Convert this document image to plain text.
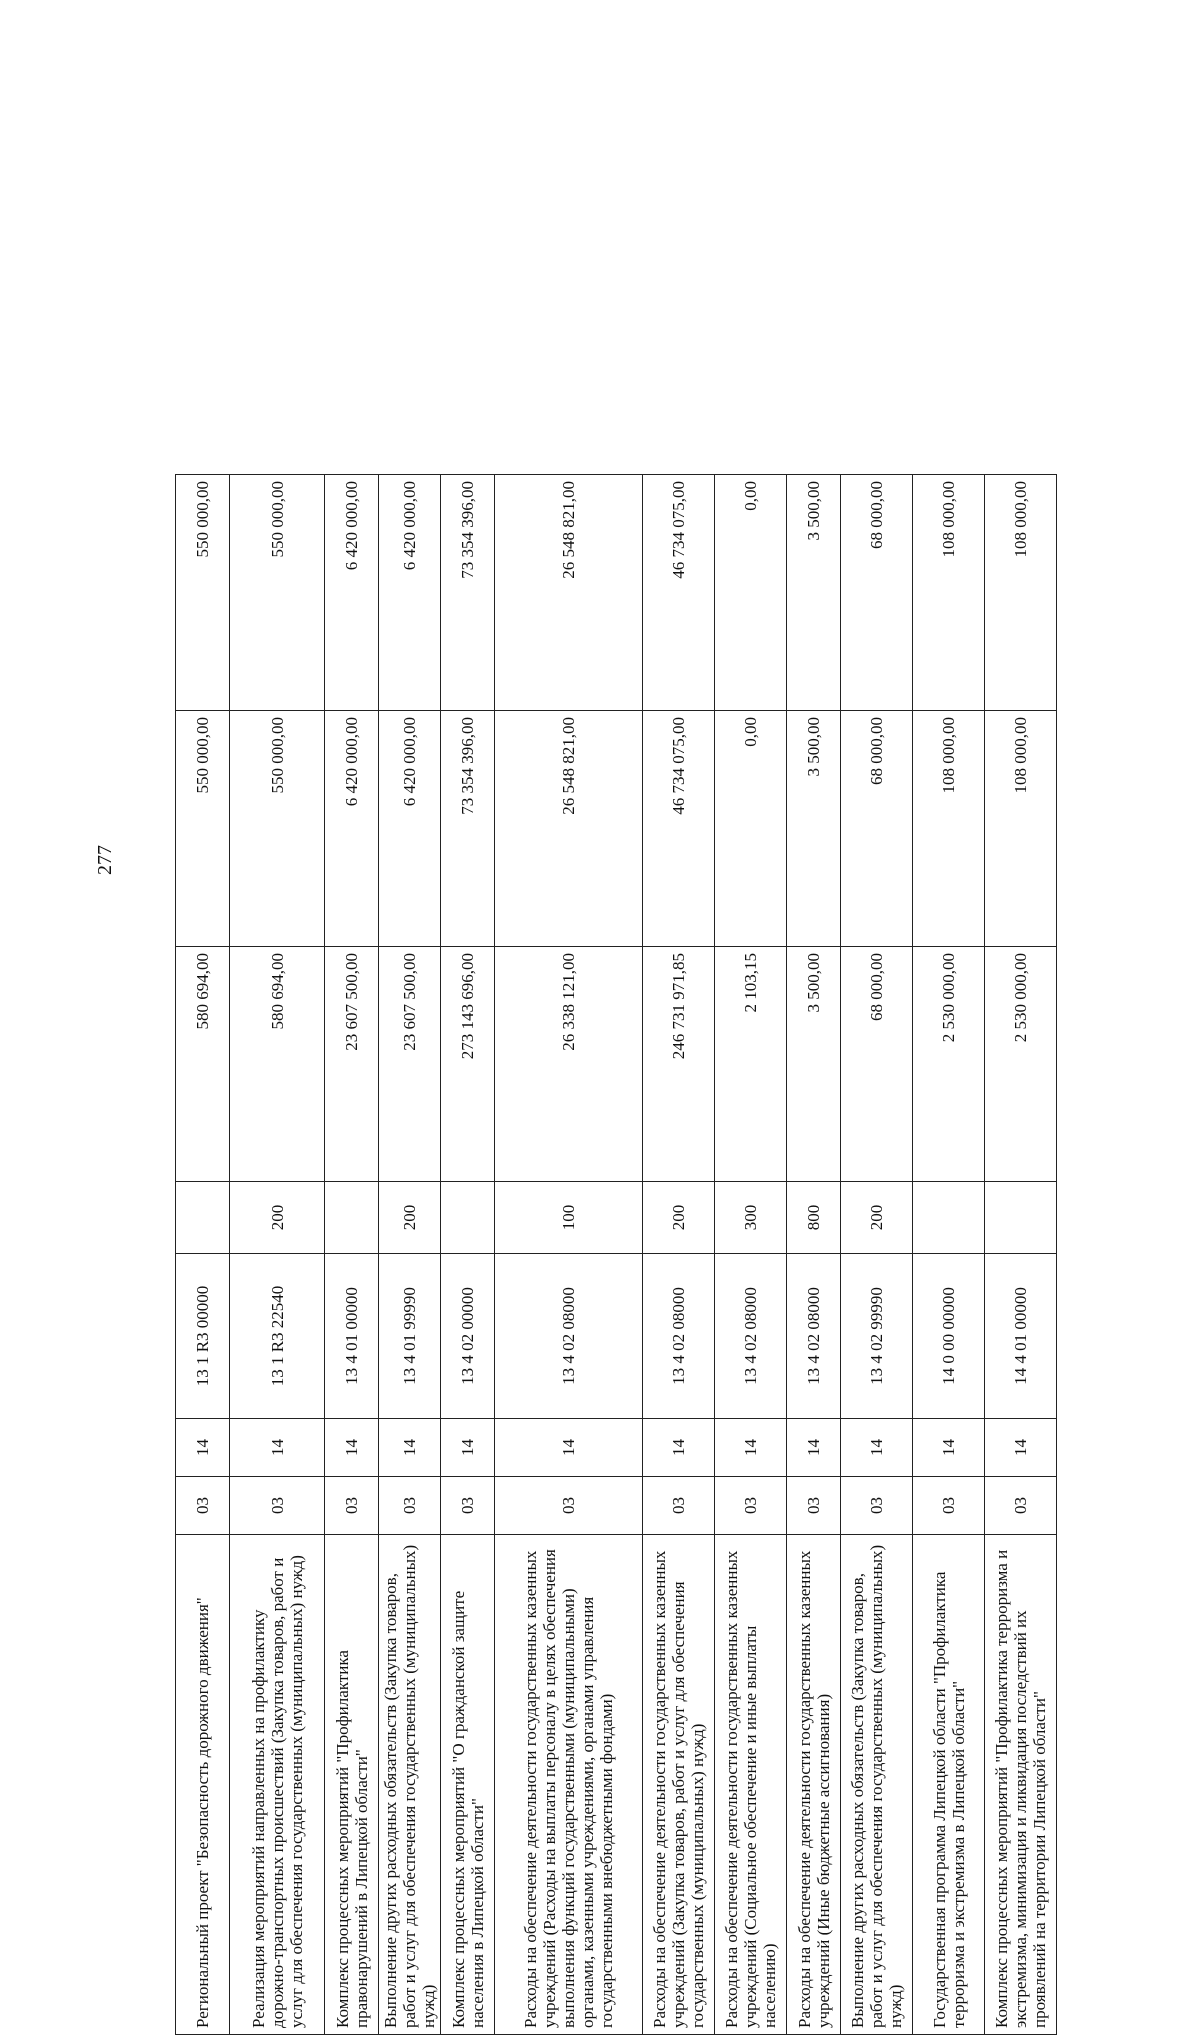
277
Региональный проект "Безопасность дорожного движения"	03	14	13 1 R3 00000		580 694,00	550 000,00	550 000,00
Реализация мероприятий направленных на профилактику дорожно-транспортных происшествий (Закупка товаров, работ и услуг для обеспечения государственных (муниципальных) нужд)	03	14	13 1 R3 22540	200	580 694,00	550 000,00	550 000,00
Комплекс процессных мероприятий "Профилактика правонарушений в Липецкой области"	03	14	13 4 01 00000		23 607 500,00	6 420 000,00	6 420 000,00
Выполнение других расходных обязательств (Закупка товаров, работ и услуг для обеспечения государственных (муниципальных) нужд)	03	14	13 4 01 99990	200	23 607 500,00	6 420 000,00	6 420 000,00
Комплекс процессных мероприятий "О гражданской защите населения в Липецкой области"	03	14	13 4 02 00000		273 143 696,00	73 354 396,00	73 354 396,00
Расходы на обеспечение деятельности государственных казенных учреждений (Расходы на выплаты персоналу в целях обеспечения выполнения функций государственными (муниципальными) органами, казенными учреждениями, органами управления государственными внебюджетными фондами)	03	14	13 4 02 08000	100	26 338 121,00	26 548 821,00	26 548 821,00
Расходы на обеспечение деятельности государственных казенных учреждений (Закупка товаров, работ и услуг для обеспечения государственных (муниципальных) нужд)	03	14	13 4 02 08000	200	246 731 971,85	46 734 075,00	46 734 075,00
Расходы на обеспечение деятельности государственных казенных учреждений (Социальное обеспечение и иные выплаты населению)	03	14	13 4 02 08000	300	2 103,15	0,00	0,00
Расходы на обеспечение деятельности государственных казенных учреждений (Иные бюджетные ассигнования)	03	14	13 4 02 08000	800	3 500,00	3 500,00	3 500,00
Выполнение других расходных обязательств (Закупка товаров, работ и услуг для обеспечения государственных (муниципальных) нужд)	03	14	13 4 02 99990	200	68 000,00	68 000,00	68 000,00
Государственная программа Липецкой области "Профилактика терроризма и экстремизма в Липецкой области"	03	14	14 0 00 00000		2 530 000,00	108 000,00	108 000,00
Комплекс процессных мероприятий "Профилактика терроризма и экстремизма, минимизация и ликвидация последствий их проявлений на территории Липецкой области"	03	14	14 4 01 00000		2 530 000,00	108 000,00	108 000,00
